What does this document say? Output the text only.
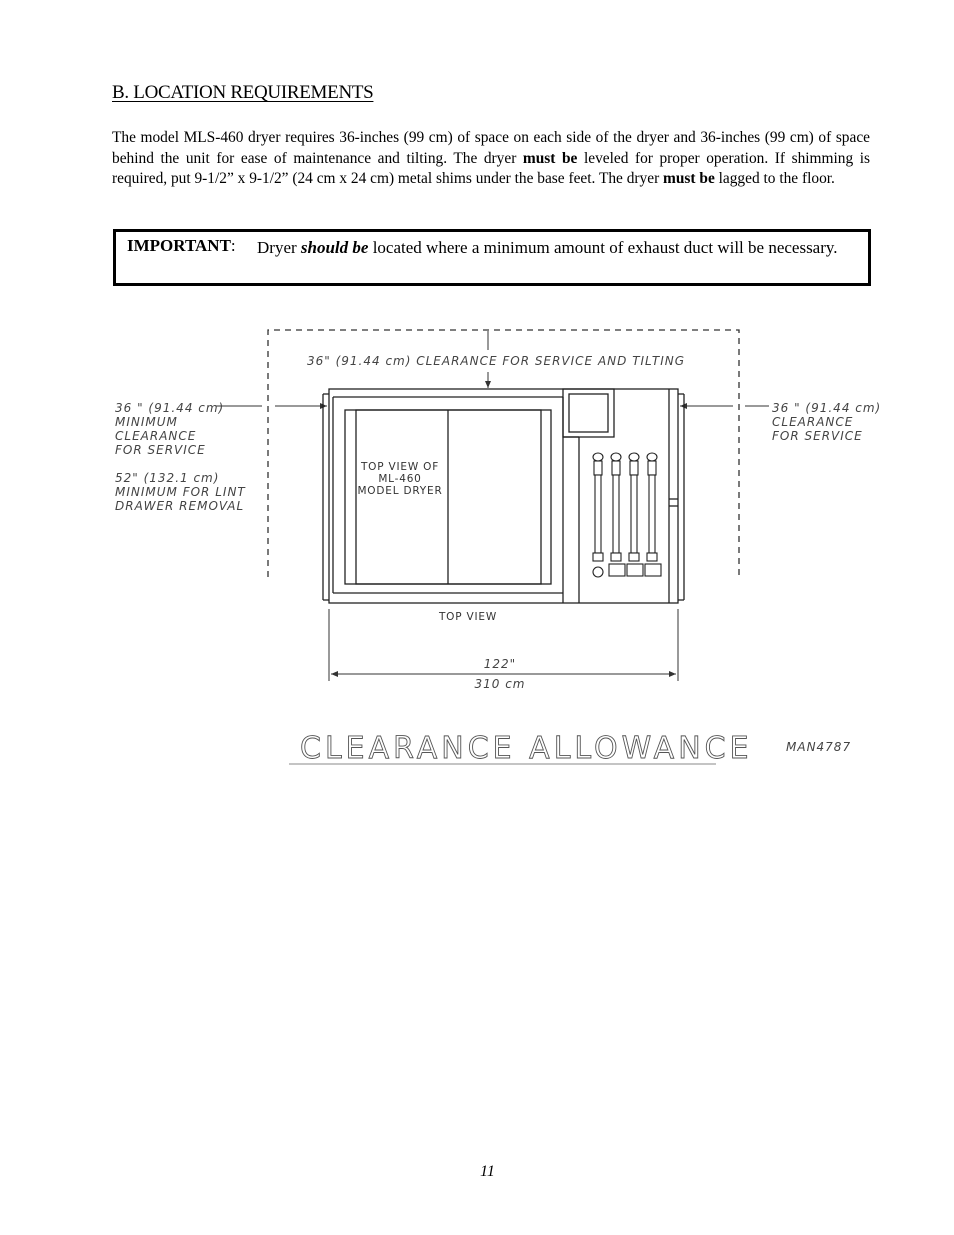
B. LOCATION REQUIREMENTS
The model MLS-460 dryer requires 36-inches (99 cm) of space on each side of the dryer and 36-inches (99 cm) of space behind the unit for ease of maintenance and tilting. The dryer must be leveled for proper operation. If shimming is required, put 9-1/2” x 9-1/2” (24 cm x 24 cm) metal shims under the base feet. The dryer must be lagged to the floor.
IMPORTANT: Dryer should be located where a minimum amount of exhaust duct will be necessary.
36" (91.44 cm) CLEARANCE FOR SERVICE AND TILTING
36 " (91.44 cm)
MINIMUM
CLEARANCE
FOR SERVICE
52" (132.1 cm)
MINIMUM FOR LINT
DRAWER REMOVAL
36 " (91.44 cm)
CLEARANCE
FOR SERVICE
TOP VIEW OF
ML-460
MODEL DRYER
TOP VIEW
122"
310 cm
CLEARANCE ALLOWANCE	MAN4787
11
